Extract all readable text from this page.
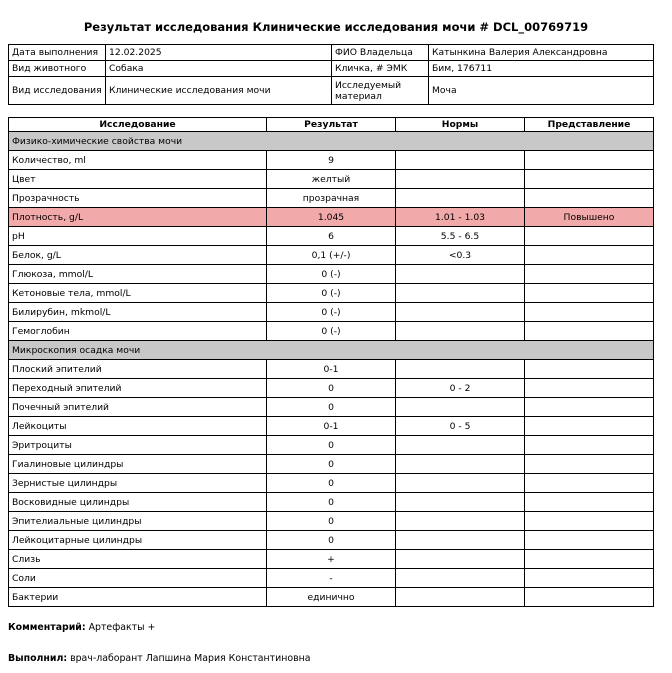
Результат исследования Клинические исследования мочи # DCL_00769719
Дата выполнения	12.02.2025	ФИО Владельца	Катынкина Валерия Александровна
Вид животного	Собака	Кличка, # ЭМК	Бим, 176711
Вид исследования	Клинические исследования мочи	Исследуемый материал	Моча
Исследование	Результат	Нормы	Представление
Физико-химические свойства мочи			
Количество, ml	9		
Цвет	желтый		
Прозрачность	прозрачная		
Плотность, g/L	1.045	1.01 - 1.03	Повышено
pH	6	5.5 - 6.5	
Белок, g/L	0,1 (+/-)	<0.3	
Глюкоза, mmol/L	0 (-)		
Кетоновые тела, mmol/L	0 (-)		
Билирубин, mkmol/L	0 (-)		
Гемоглобин	0 (-)		
Микроскопия осадка мочи			
Плоский эпителий	0-1		
Переходный эпителий	0	0 - 2	
Почечный эпителий	0		
Лейкоциты	0-1	0 - 5	
Эритроциты	0		
Гиалиновые цилиндры	0		
Зернистые цилиндры	0		
Восковидные цилиндры	0		
Эпителиальные цилиндры	0		
Лейкоцитарные цилиндры	0		
Слизь	+		
Соли	-		
Бактерии	единично		
Комментарий: Артефакты +
Выполнил: врач-лаборант Лапшина Мария Константиновна
